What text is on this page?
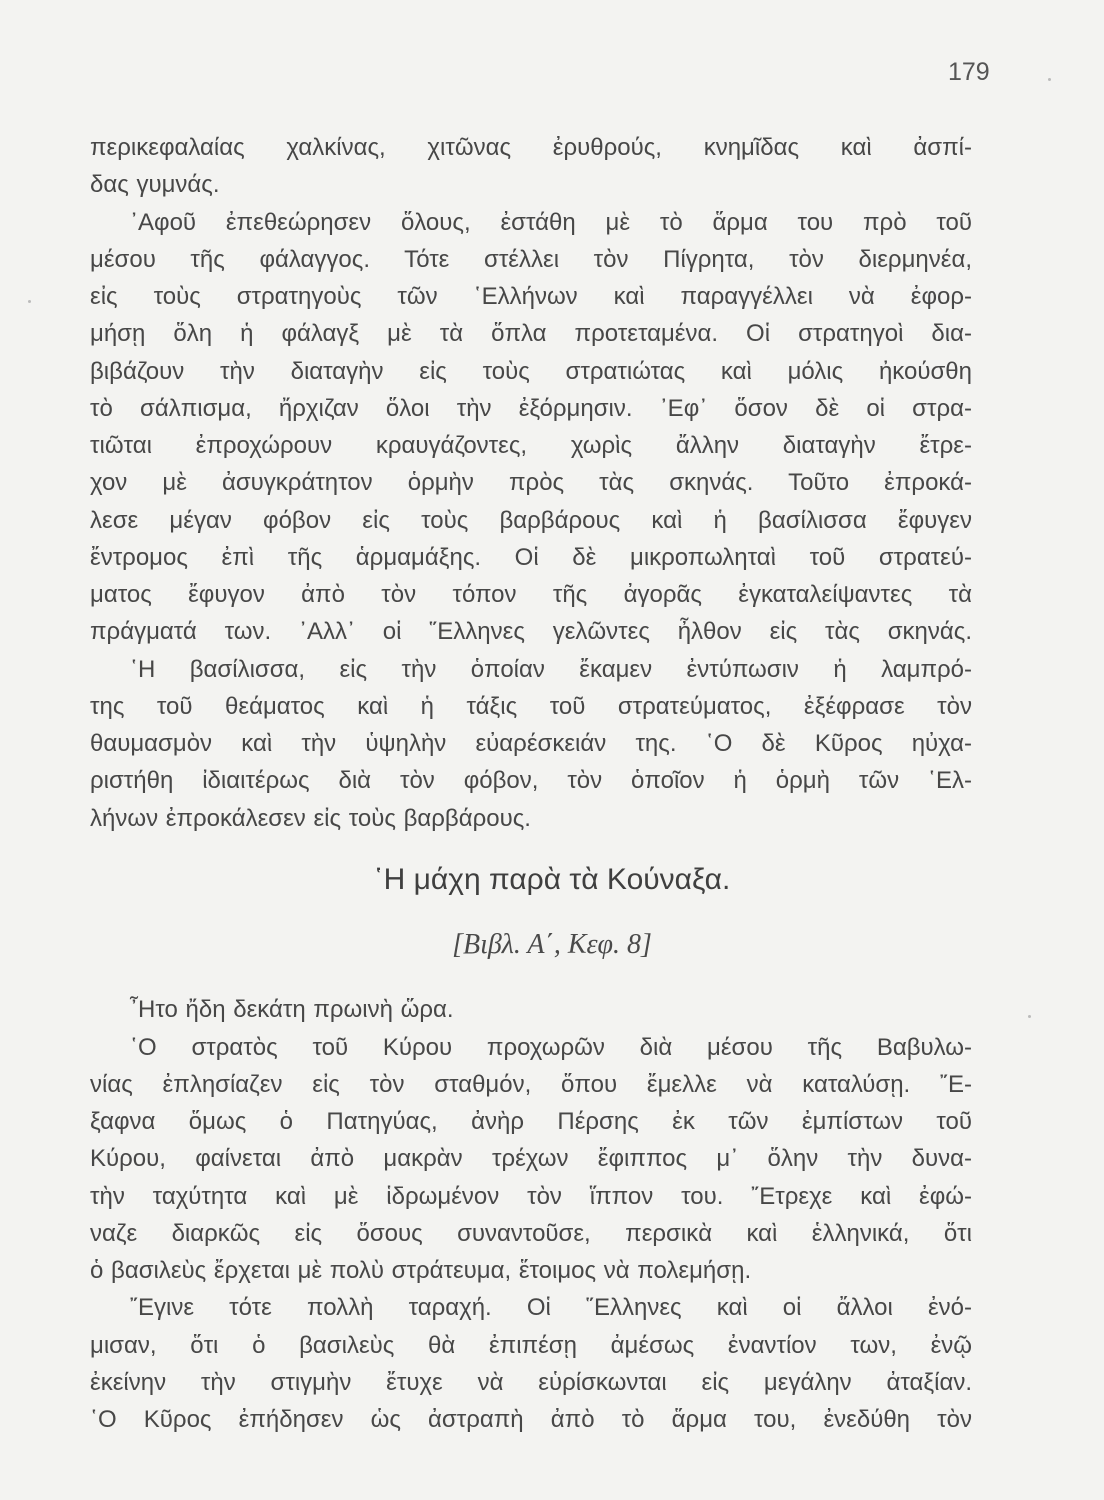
179
περικεφαλαίας χαλκίνας, χιτῶνας ἐρυθρούς, κνημῖδας καὶ ἀσπί-
δας γυμνάς.
᾿Αφοῦ ἐπεθεώρησεν ὅλους, ἐστάθη μὲ τὸ ἅρμα του πρὸ τοῦ
μέσου τῆς φάλαγγος. Τότε στέλλει τὸν Πίγρητα, τὸν διερμηνέα,
εἰς τοὺς στρατηγοὺς τῶν ῾Ελλήνων καὶ παραγγέλλει νὰ ἐφορ-
μήσῃ ὅλη ἡ φάλαγξ μὲ τὰ ὅπλα προτεταμένα. Οἱ στρατηγοὶ δια-
βιβάζουν τὴν διαταγὴν εἰς τοὺς στρατιώτας καὶ μόλις ἠκούσθη
τὸ σάλπισμα, ἤρχιζαν ὅλοι τὴν ἐξόρμησιν. ᾿Εφ᾿ ὅσον δὲ οἱ στρα-
τιῶται ἐπροχώρουν κραυγάζοντες, χωρὶς ἄλλην διαταγὴν ἔτρε-
χον μὲ ἀσυγκράτητον ὁρμὴν πρὸς τὰς σκηνάς. Τοῦτο ἐπροκά-
λεσε μέγαν φόβον εἰς τοὺς βαρβάρους καὶ ἡ βασίλισσα ἔφυγεν
ἔντρομος ἐπὶ τῆς ἁρμαμάξης. Οἱ δὲ μικροπωληταὶ τοῦ στρατεύ-
ματος ἔφυγον ἀπὸ τὸν τόπον τῆς ἀγορᾶς ἐγκαταλείψαντες τὰ
πράγματά των. ᾿Αλλ᾿ οἱ ῞Ελληνες γελῶντες ἦλθον εἰς τὰς σκηνάς.
῾Η βασίλισσα, εἰς τὴν ὁποίαν ἔκαμεν ἐντύπωσιν ἡ λαμπρό-
της τοῦ θεάματος καὶ ἡ τάξις τοῦ στρατεύματος, ἐξέφρασε τὸν
θαυμασμὸν καὶ τὴν ὑψηλὴν εὐαρέσκειάν της. ῾Ο δὲ Κῦρος ηὐχα-
ριστήθη ἰδιαιτέρως διὰ τὸν φόβον, τὸν ὁποῖον ἡ ὁρμὴ τῶν ῾Ελ-
λήνων ἐπροκάλεσεν εἰς τοὺς βαρβάρους.
῾Η μάχη παρὰ τὰ Κούναξα.
[Βιβλ. Α΄, Κεφ. 8]
῏Ητο ἤδη δεκάτη πρωινὴ ὥρα.
῾Ο στρατὸς τοῦ Κύρου προχωρῶν διὰ μέσου τῆς Βαβυλω-
νίας ἐπλησίαζεν εἰς τὸν σταθμόν, ὅπου ἔμελλε νὰ καταλύσῃ. ῎Ε-
ξαφνα ὅμως ὁ Πατηγύας, ἀνὴρ Πέρσης ἐκ τῶν ἐμπίστων τοῦ
Κύρου, φαίνεται ἀπὸ μακρὰν τρέχων ἔφιππος μ᾿ ὅλην τὴν δυνα-
τὴν ταχύτητα καὶ μὲ ἱδρωμένον τὸν ἵππον του. ῎Ετρεχε καὶ ἐφώ-
ναζε διαρκῶς εἰς ὅσους συναντοῦσε, περσικὰ καὶ ἑλληνικά, ὅτι
ὁ βασιλεὺς ἔρχεται μὲ πολὺ στράτευμα, ἕτοιμος νὰ πολεμήσῃ.
῎Εγινε τότε πολλὴ ταραχή. Οἱ ῞Ελληνες καὶ οἱ ἄλλοι ἐνό-
μισαν, ὅτι ὁ βασιλεὺς θὰ ἐπιπέσῃ ἀμέσως ἐναντίον των, ἐνῷ
ἐκείνην τὴν στιγμὴν ἔτυχε νὰ εὑρίσκωνται εἰς μεγάλην ἀταξίαν.
῾Ο Κῦρος ἐπήδησεν ὡς ἀστραπὴ ἀπὸ τὸ ἅρμα του, ἐνεδύθη τὸν
